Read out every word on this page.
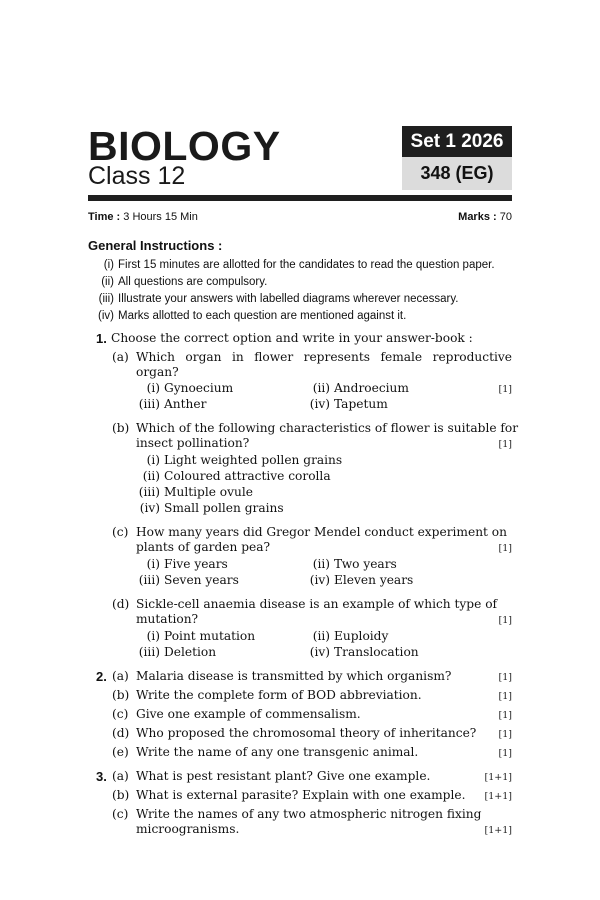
BIOLOGY
Class 12
Set 1 2026
348 (EG)
Time : 3 Hours 15 Min	Marks : 70
General Instructions :
(i) First 15 minutes are allotted for the candidates to read the question paper.
(ii) All questions are compulsory.
(iii) Illustrate your answers with labelled diagrams wherever necessary.
(iv) Marks allotted to each question are mentioned against it.
1. Choose the correct option and write in your answer-book :
(a) Which organ in flower represents female reproductive organ?
(i) Gynoecium	(ii) Androecium	[1]
(iii) Anther	(iv) Tapetum
(b) Which of the following characteristics of flower is suitable for
insect pollination?	[1]
(i) Light weighted pollen grains
(ii) Coloured attractive corolla
(iii) Multiple ovule
(iv) Small pollen grains
(c) How many years did Gregor Mendel conduct experiment on
plants of garden pea?	[1]
(i) Five years	(ii) Two years
(iii) Seven years	(iv) Eleven years
(d) Sickle-cell anaemia disease is an example of which type of
mutation?	[1]
(i) Point mutation	(ii) Euploidy
(iii) Deletion	(iv) Translocation
2. (a) Malaria disease is transmitted by which organism?	[1]
(b) Write the complete form of BOD abbreviation.	[1]
(c) Give one example of commensalism.	[1]
(d) Who proposed the chromosomal theory of inheritance? [1]
(e) Write the name of any one transgenic animal.	[1]
3. (a) What is pest resistant plant? Give one example.	[1+1]
(b) What is external parasite? Explain with one example. [1+1]
(c) Write the names of any two atmospheric nitrogen fixing
microogranisms.	[1+1]
